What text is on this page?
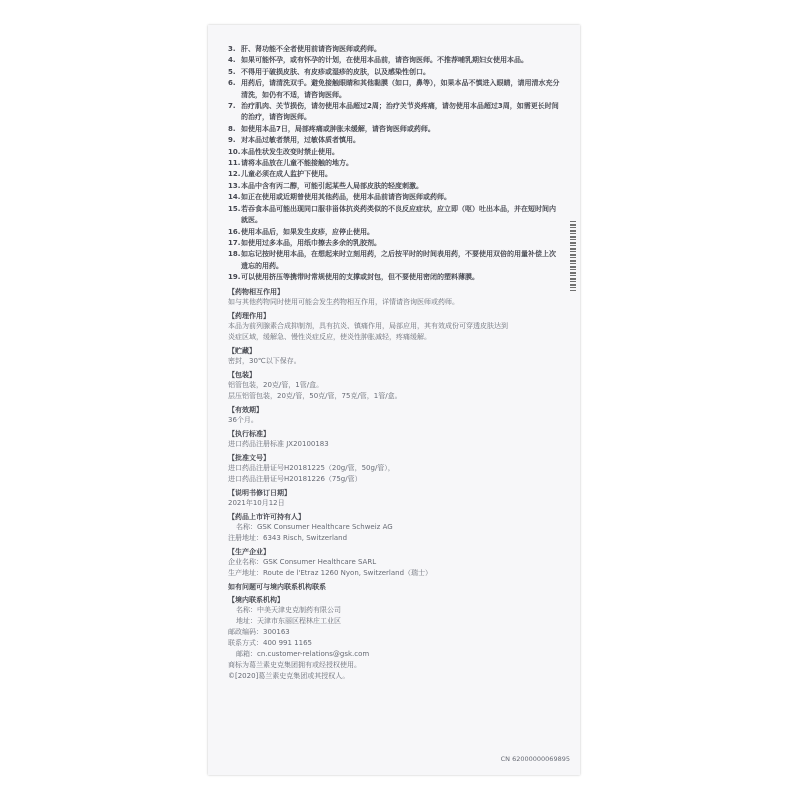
3. 肝、肾功能不全者使用前请咨询医师或药师。
4. 如果可能怀孕，或有怀孕的计划，在使用本品前，请咨询医师。不推荐哺乳期妇女使用本品。
5. 不得用于破损皮肤、有皮疹或湿疹的皮肤，以及感染性创口。
6. 用药后，请清洗双手。避免接触眼睛和其他黏膜（如口，鼻等），如果本品不慎进入眼睛，请用清水充分清洗，如仍有不适，请咨询医师。
7. 治疗肌肉、关节损伤，请勿使用本品超过2周；治疗关节炎疼痛，请勿使用本品超过3周，如需更长时间的治疗，请咨询医师。
8. 如使用本品7日，局部疼痛或肿胀未缓解，请咨询医师或药师。
9. 对本品过敏者禁用，过敏体质者慎用。
10. 本品性状发生改变时禁止使用。
11. 请将本品放在儿童不能接触的地方。
12. 儿童必须在成人监护下使用。
13. 本品中含有丙二醇，可能引起某些人局部皮肤的轻度刺激。
14. 如正在使用或近期曾使用其他药品，使用本品前请咨询医师或药师。
15. 若吞食本品可能出现同口服非甾体抗炎药类似的不良反应症状，应立即（呕）吐出本品，并在短时间内就医。
16. 使用本品后，如果发生皮疹，应停止使用。
17. 如使用过多本品，用纸巾擦去多余的乳胶剂。
18. 如忘记按时使用本品，在想起来时立刻用药，之后按平时的时间表用药，不要使用双倍的用量补偿上次遗忘的用药。
19. 可以使用挤压等携带时常规使用的支撑或封包，但不要使用密闭的塑料薄膜。
【药物相互作用】
如与其他药物同时使用可能会发生药物相互作用，详情请咨询医师或药师。
【药理作用】
本品为前列腺素合成抑制剂，具有抗炎、镇痛作用，局部应用，其有效成份可穿透皮肤达到
炎症区域，缓解急、慢性炎症反应，使炎性肿胀减轻，疼痛缓解。
【贮藏】
密封，30℃以下保存。
【包装】
铝管包装，20克/管，1管/盒。
层压铝管包装，20克/管，50克/管，75克/管，1管/盒。
【有效期】
36个月。
【执行标准】
进口药品注册标准 JX20100183
【批准文号】
进口药品注册证号H20181225（20g/管，50g/管），
进口药品注册证号H20181226（75g/管）
【说明书修订日期】
2021年10月12日
【药品上市许可持有人】
名称： GSK Consumer Healthcare Schweiz AG
注册地址： 6343 Risch, Switzerland
【生产企业】
企业名称： GSK Consumer Healthcare SARL
生产地址： Route de l'Etraz 1260 Nyon, Switzerland（瑞士）
如有问题可与境内联系机构联系
【境内联系机构】
名称： 中美天津史克制药有限公司
地址： 天津市东丽区程林庄工业区
邮政编码： 300163
联系方式： 400 991 1165
邮箱： cn.customer-relations@gsk.com
商标为葛兰素史克集团拥有或经授权使用。
©[2020]葛兰素史克集团或其授权人。
CN 62000000069895
